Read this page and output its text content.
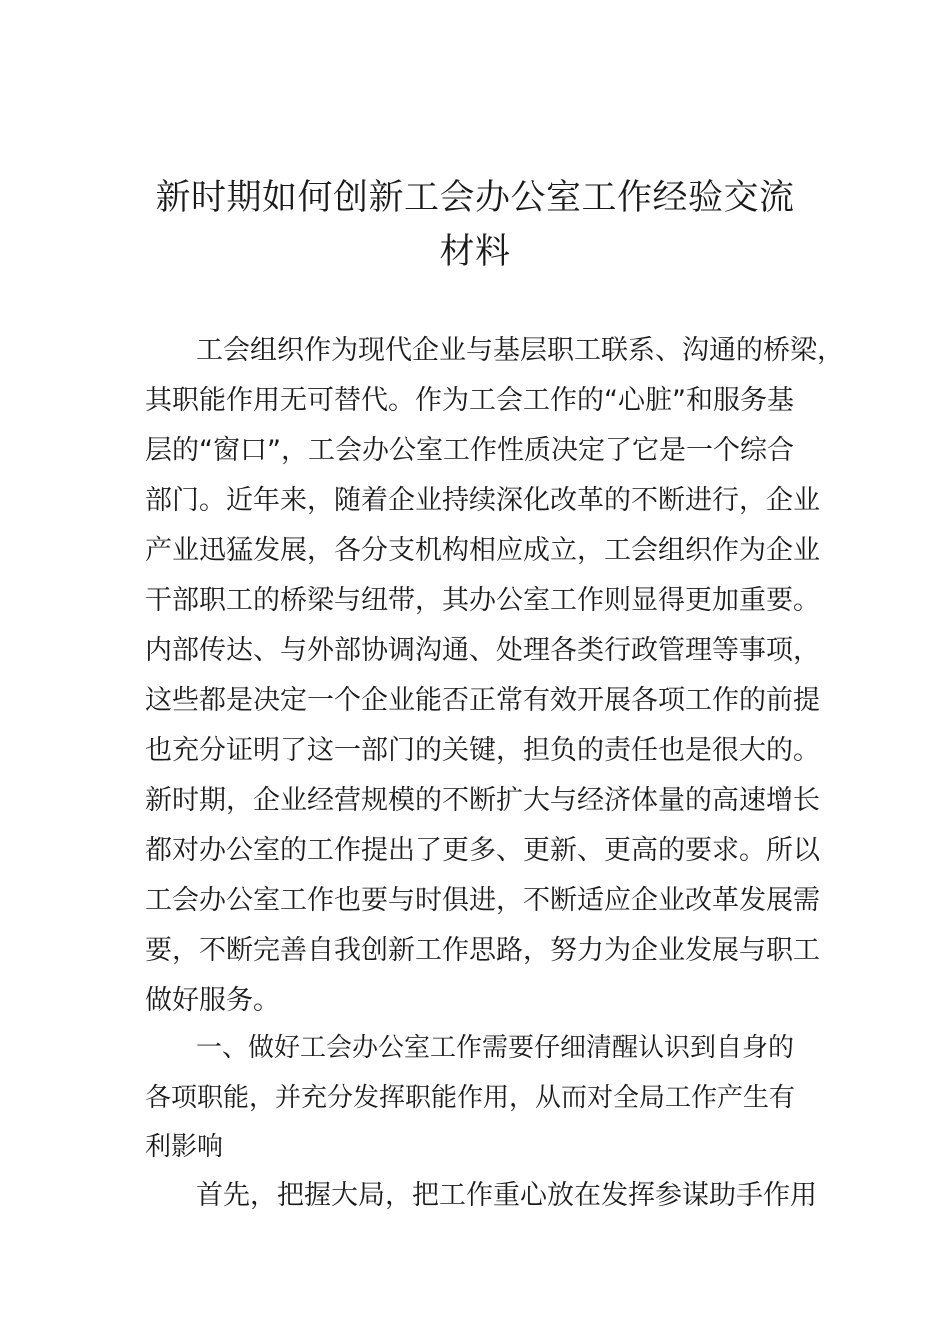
新时期如何创新工会办公室工作经验交流
材料
工会组织作为现代企业与基层职工联系、沟通的桥梁，
其职能作用无可替代。作为工会工作的“心脏”和服务基
层的“窗口”，工会办公室工作性质决定了它是一个综合
部门。近年来，随着企业持续深化改革的不断进行，企业
产业迅猛发展，各分支机构相应成立，工会组织作为企业
干部职工的桥梁与纽带，其办公室工作则显得更加重要。
内部传达、与外部协调沟通、处理各类行政管理等事项，
这些都是决定一个企业能否正常有效开展各项工作的前提
也充分证明了这一部门的关键，担负的责任也是很大的。
新时期，企业经营规模的不断扩大与经济体量的高速增长
都对办公室的工作提出了更多、更新、更高的要求。所以
工会办公室工作也要与时俱进，不断适应企业改革发展需
要，不断完善自我创新工作思路，努力为企业发展与职工
做好服务。
一、做好工会办公室工作需要仔细清醒认识到自身的
各项职能，并充分发挥职能作用，从而对全局工作产生有
利影响
首先，把握大局，把工作重心放在发挥参谋助手作用
